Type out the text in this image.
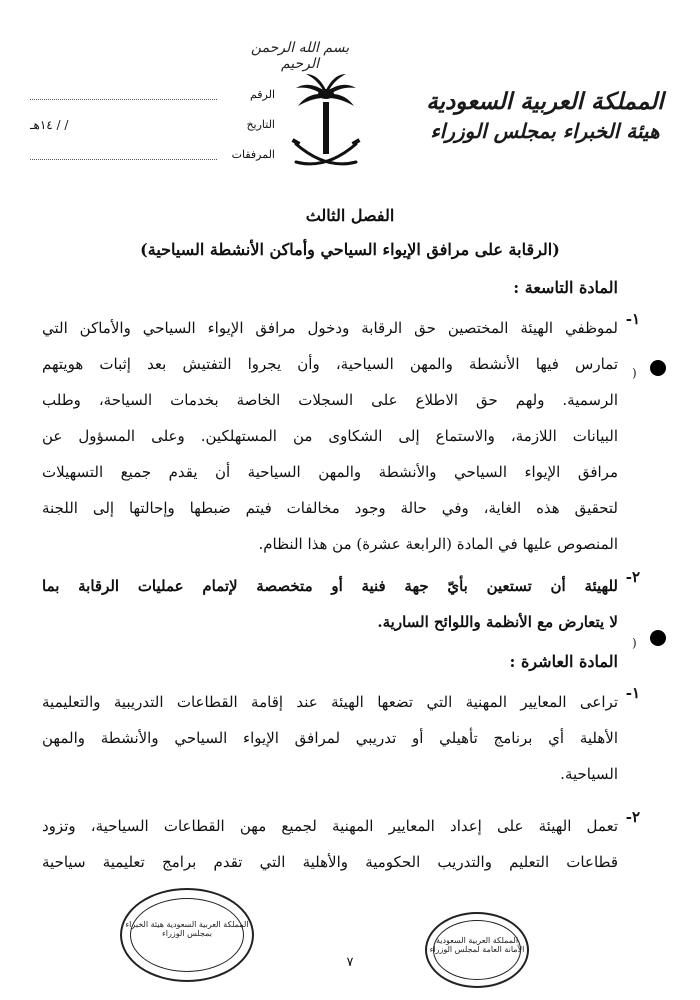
بسم الله الرحمن الرحيم
المملكة العربية السعودية
هيئة الخبراء بمجلس الوزراء
الرقم
التاريخ
/ / ١٤هـ
المرفقات
الفصل الثالث
(الرقابة على مرافق الإيواء السياحي وأماكن الأنشطة السياحية)
المادة التاسعة :
١-
لموظفي الهيئة المختصين حق الرقابة ودخول مرافق الإيواء السياحي والأماكن التي
تمارس فيها الأنشطة والمهن السياحية، وأن يجروا التفتيش بعد إثبات هويتهم
الرسمية. ولهم حق الاطلاع على السجلات الخاصة بخدمات السياحة، وطلب
البيانات اللازمة، والاستماع إلى الشكاوى من المستهلكين. وعلى المسؤول عن
مرافق الإيواء السياحي والأنشطة والمهن السياحية أن يقدم جميع التسهيلات
لتحقيق هذه الغاية، وفي حالة وجود مخالفات فيتم ضبطها وإحالتها إلى اللجنة
المنصوص عليها في المادة (الرابعة عشرة) من هذا النظام.
٢-
للهيئة أن تستعين بأيّ جهة فنية أو متخصصة لإتمام عمليات الرقابة بما
لا يتعارض مع الأنظمة واللوائح السارية.
المادة العاشرة :
١-
تراعى المعايير المهنية التي تضعها الهيئة عند إقامة القطاعات التدريبية والتعليمية
الأهلية أي برنامج تأهيلي أو تدريبي لمرافق الإيواء السياحي والأنشطة والمهن
السياحية.
٢-
تعمل الهيئة على إعداد المعايير المهنية لجميع مهن القطاعات السياحية، وتزود
قطاعات التعليم والتدريب الحكومية والأهلية التي تقدم برامج تعليمية سياحية
)
)
المملكة العربية السعودية هيئة الخبراء بمجلس الوزراء
المملكة العربية السعودية الأمانة العامة لمجلس الوزراء
٧
